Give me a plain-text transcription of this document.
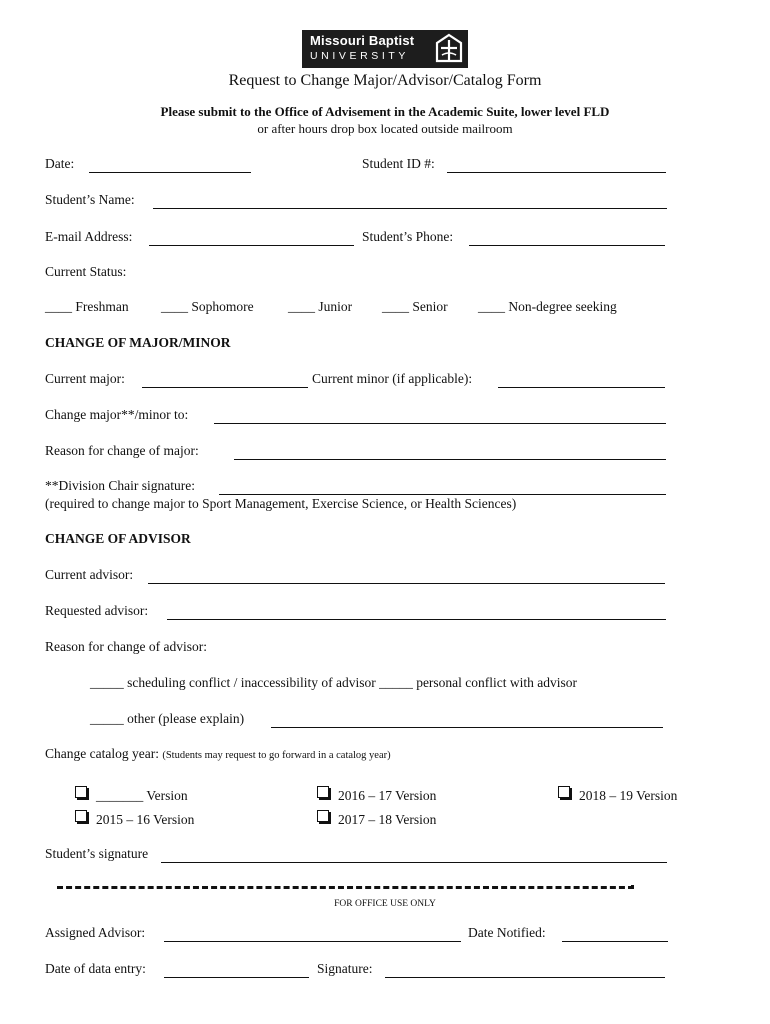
Missouri Baptist
UNIVERSITY
Request to Change Major/Advisor/Catalog Form
Please submit to the Office of Advisement in the Academic Suite, lower level FLD
or after hours drop box located outside mailroom
Date:	Student ID #:
Student’s Name:
E-mail Address:	Student’s Phone:
Current Status:
____ Freshman ____ Sophomore	____ Junior ____ Senior ____ Non-degree seeking
CHANGE OF MAJOR/MINOR
Current major:	Current minor (if applicable):
Change major**/minor to:
Reason for change of major:
**Division Chair signature:
(required to change major to Sport Management, Exercise Science, or Health Sciences)
CHANGE OF ADVISOR
Current advisor:
Requested advisor:
Reason for change of advisor:
_____ scheduling conflict / inaccessibility of advisor _____ personal conflict with advisor
_____ other (please explain)
Change catalog year: (Students may request to go forward in a catalog year)
_______ Version	2016 – 17 Version	2018 – 19 Version
2015 – 16 Version	2017 – 18 Version
Student’s signature
FOR OFFICE USE ONLY
Assigned Advisor:	Date Notified:
Date of data entry:	Signature:
